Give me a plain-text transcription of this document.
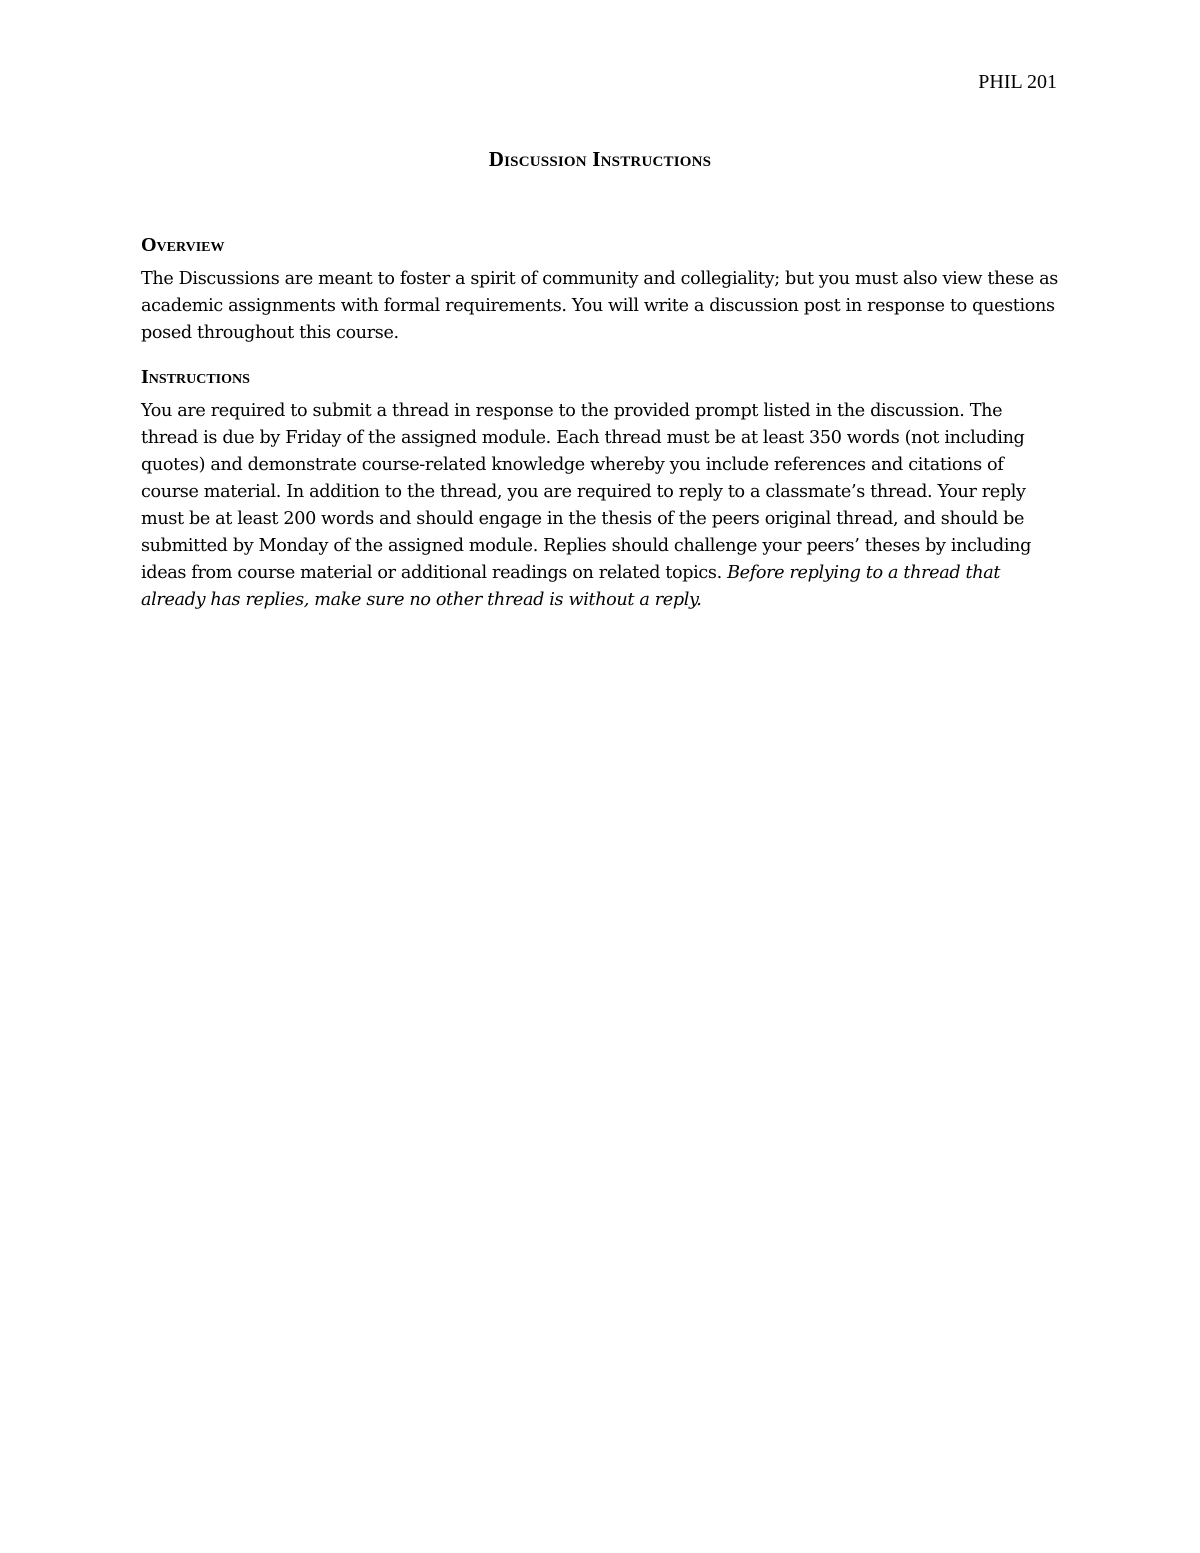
PHIL 201
Discussion Instructions
Overview

The Discussions are meant to foster a spirit of community and collegiality; but you must also view these as academic assignments with formal requirements. You will write a discussion post in response to questions posed throughout this course.

Instructions

You are required to submit a thread in response to the provided prompt listed in the discussion. The thread is due by Friday of the assigned module. Each thread must be at least 350 words (not including quotes) and demonstrate course-related knowledge whereby you include references and citations of course material. In addition to the thread, you are required to reply to a classmate’s thread. Your reply must be at least 200 words and should engage in the thesis of the peers original thread, and should be submitted by Monday of the assigned module. Replies should challenge your peers’ theses by including ideas from course material or additional readings on related topics. Before replying to a thread that already has replies, make sure no other thread is without a reply.
